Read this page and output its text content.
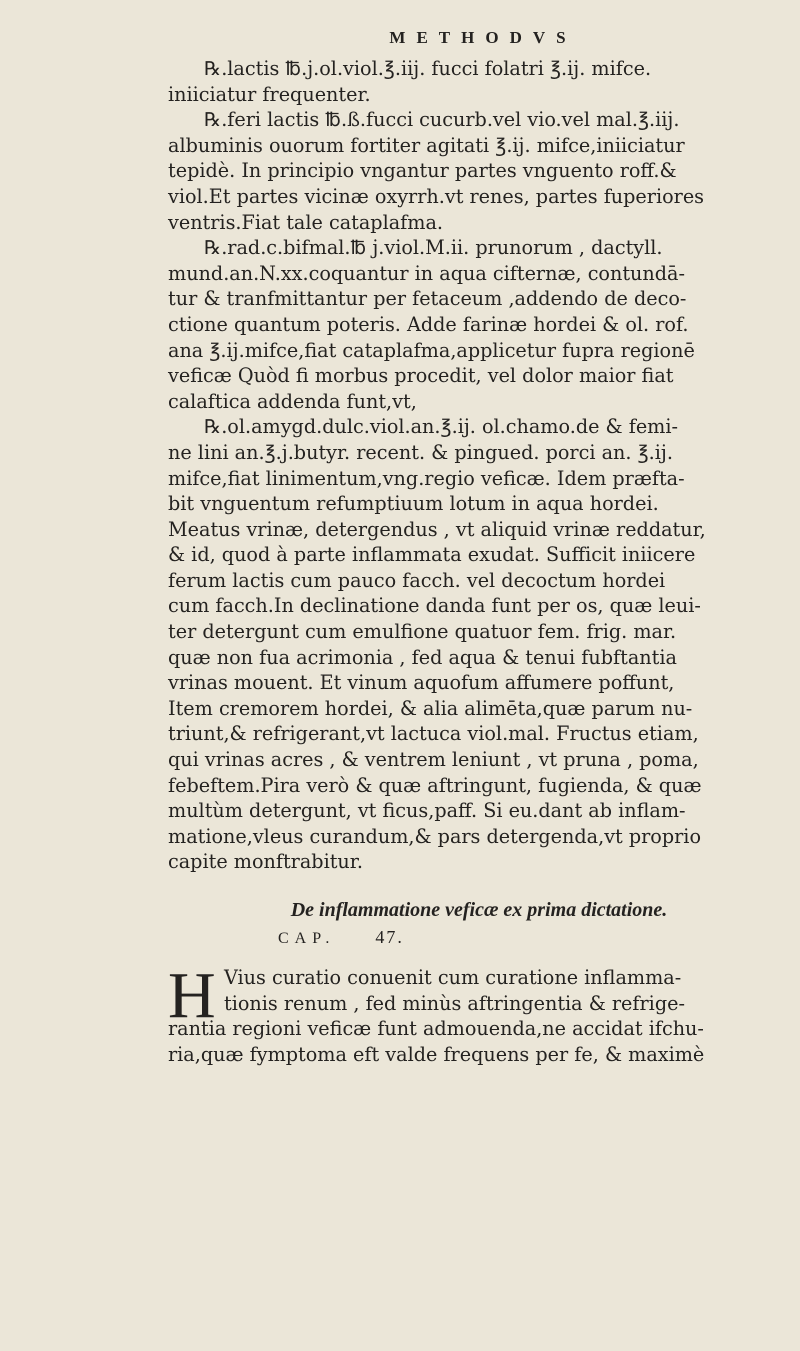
METHODVS
℞.lactis ℔.j.ol.viol.℥.iij. fucci folatri ℥.ij. mifce.
iniiciatur frequenter.
℞.feri lactis ℔.ß.fucci cucurb.vel vio.vel mal.℥.iij.
albuminis ouorum fortiter agitati ℥.ij. mifce,iniiciatur
tepidè. In principio vngantur partes vnguento roff.&
viol.Et partes vicinæ oxyrrh.vt renes, partes fuperiores
ventris.Fiat tale cataplafma.
℞.rad.c.bifmal.℔ j.viol.M.ii. prunorum , dactyll.
mund.an.N.xx.coquantur in aqua cifternæ, contundā-
tur & tranfmittantur per fetaceum ,addendo de deco-
ctione quantum poteris. Adde farinæ hordei & ol. rof.
ana ℥.ij.mifce,fiat cataplafma,applicetur fupra regionē
veficæ Quòd fi morbus procedit, vel dolor maior fiat
calaftica addenda funt,vt,
℞.ol.amygd.dulc.viol.an.℥.ij. ol.chamo.de & femi-
ne lini an.℥.j.butyr. recent. & pingued. porci an. ℥.ij.
mifce,fiat linimentum,vng.regio veficæ. Idem præfta-
bit vnguentum refumptiuum lotum in aqua hordei.
Meatus vrinæ, detergendus , vt aliquid vrinæ reddatur,
& id, quod à parte inflammata exudat. Sufficit iniicere
ferum lactis cum pauco facch. vel decoctum hordei
cum facch.In declinatione danda funt per os, quæ leui-
ter detergunt cum emulfione quatuor fem. frig. mar.
quæ non fua acrimonia , fed aqua & tenui fubftantia
vrinas mouent. Et vinum aquofum affumere poffunt,
Item cremorem hordei, & alia alimēta,quæ parum nu-
triunt,& refrigerant,vt lactuca viol.mal. Fructus etiam,
qui vrinas acres , & ventrem leniunt , vt pruna , poma,
febeftem.Pira verò & quæ aftringunt, fugienda, & quæ
multùm detergunt, vt ficus,paff. Si eu.dant ab inflam-
matione,vleus curandum,& pars detergenda,vt proprio
capite monftrabitur.
De inflammatione veficæ ex prima dictatione.
CAP. 47.
H Vius curatio conuenit cum curatione inflamma-
tionis renum , fed minùs aftringentia & refrige-
rantia regioni veficæ funt admouenda,ne accidat ifchu-
ria,quæ fymptoma eft valde frequens per fe, & maximè
